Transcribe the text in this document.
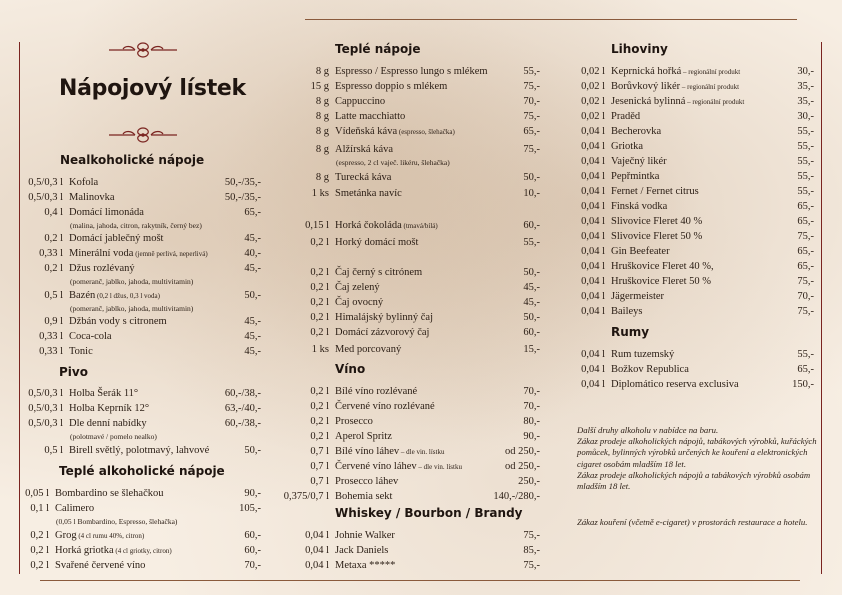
Nápojový lístek
Nealkoholické nápoje
0,5/0,3 l Kofola	50,-/35,-
0,5/0,3 l Malinovka	50,-/35,-
0,4 l Domácí limonáda	65,-
(malina, jahoda, citron, rakytník, černý bez)
0,2 l Domácí jablečný mošt	45,-
0,33 l Minerální voda (jemně perlivá, neperlivá)	40,-
0,2 l Džus rozlévaný	45,-
(pomeranč, jablko, jahoda, multivitamin)
0,5 l Bazén (0,2 l džus, 0,3 l voda)	50,-
(pomeranč, jablko, jahoda, multivitamin)
0,9 l Džbán vody s citronem	45,-
0,33 l Coca-cola	45,-
0,33 l Tonic	45,-
Pivo
0,5/0,3 l Holba Šerák 11°	60,-/38,-
0,5/0,3 l Holba Keprník 12°	63,-/40,-
0,5/0,3 l Dle denní nabídky	60,-/38,-
(polotmavé / pomelo nealko)
0,5 l Birell světlý, polotmavý, lahvové	50,-
Teplé alkoholické nápoje
0,05 l Bombardino se šlehačkou	90,-
0,1 l Calimero	105,-
(0,05 l Bombardino, Espresso, šlehačka)
0,2 l Grog (4 cl rumu 40%, citron)	60,-
0,2 l Horká griotka (4 cl griotky, citron)	60,-
0,2 l Svařené červené víno	70,-
Teplé nápoje
8 g Espresso / Espresso lungo s mlékem	55,-
15 g Espresso doppio s mlékem	75,-
8 g Cappuccino	70,-
8 g Latte macchiatto	75,-
8 g Vídeňská káva (espresso, šlehačka)	65,-
8 g Alžírská káva	75,-
(espresso, 2 cl vaječ. likéru, šlehačka)
8 g Turecká káva	50,-
1 ks Smetánka navíc	10,-
0,15 l Horká čokoláda (tmavá/bílá)	60,-
0,2 l Horký domácí mošt	55,-
0,2 l Čaj černý s citrónem	50,-
0,2 l Čaj zelený	45,-
0,2 l Čaj ovocný	45,-
0,2 l Himalájský bylinný čaj	50,-
0,2 l Domácí zázvorový čaj	60,-
1 ks Med porcovaný	15,-
Víno
0,2 l Bílé víno rozlévané	70,-
0,2 l Červené víno rozlévané	70,-
0,2 l Prosecco	80,-
0,2 l Aperol Spritz	90,-
0,7 l Bílé víno láhev – dle vin. lístku	od 250,-
0,7 l Červené víno láhev – dle vin. lístku	od 250,-
0,7 l Prosecco láhev	250,-
0,375/0,7 l Bohemia sekt	140,-/280,-
Whiskey / Bourbon / Brandy
0,04 l Johnie Walker	75,-
0,04 l Jack Daniels	85,-
0,04 l Metaxa *****	75,-
Lihoviny
0,02 l Keprnická hořká – regionální produkt	30,-
0,02 l Borůvkový likér – regionální produkt	35,-
0,02 l Jesenická bylinná – regionální produkt	35,-
0,02 l Praděd	30,-
0,04 l Becherovka	55,-
0,04 l Griotka	55,-
0,04 l Vaječný likér	55,-
0,04 l Pepřmintka	55,-
0,04 l Fernet / Fernet citrus	55,-
0,04 l Finská vodka	65,-
0,04 l Slivovice Fleret 40 %	65,-
0,04 l Slivovice Fleret 50 %	75,-
0,04 l Gin Beefeater	65,-
0,04 l Hruškovice Fleret 40 %,	65,-
0,04 l Hruškovice Fleret 50 %	75,-
0,04 l Jägermeister	70,-
0,04 l Baileys	75,-
Rumy
0,04 l Rum tuzemský	55,-
0,04 l Božkov Republica	65,-
0,04 l Diplomático reserva exclusiva	150,-
Další druhy alkoholu v nabídce na baru.
Zákaz prodeje alkoholických nápojů, tabákových výrobků, kuřáckých pomůcek, bylinných výrobků určených ke kouření a elektronických cigaret osobám mladším 18 let.
Zákaz prodeje alkoholických nápojů a tabákových výrobků osobám mladším 18 let.
Zákaz kouření (včetně e-cigaret) v prostorách restaurace a hotelu.
